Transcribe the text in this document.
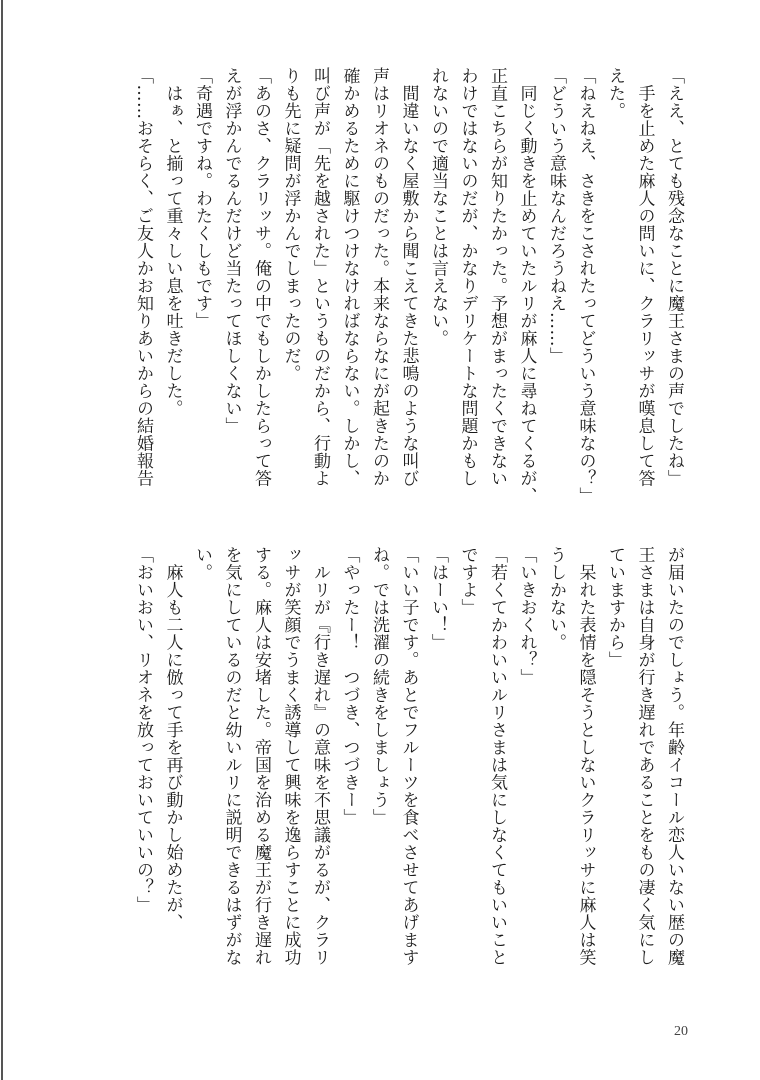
「ええ、とても残念なことに魔王さまの声でしたね」
　手を止めた麻人の問いに、クラリッサが嘆息して答
えた。
「ねえねえ、さきをこされたってどういう意味なの？」
「どういう意味なんだろうねえ……」
　同じく動きを止めていたルリが麻人に尋ねてくるが、
正直こちらが知りたかった。予想がまったくできない
わけではないのだが、かなりデリケートな問題かもし
れないので適当なことは言えない。
　間違いなく屋敷から聞こえてきた悲鳴のような叫び
声はリオネのものだった。本来ならなにが起きたのか
確かめるために駆けつけなければならない。しかし、
叫び声が「先を越された」というものだから、行動よ
りも先に疑問が浮かんでしまったのだ。
「あのさ、クラリッサ。俺の中でもしかしたらって答
えが浮かんでるんだけど当たってほしくない」
「奇遇ですね。わたくしもです」
　はぁ、と揃って重々しい息を吐きだした。
「……おそらく、ご友人かお知りあいからの結婚報告
が届いたのでしょう。年齢イコール恋人いない歴の魔
王さまは自身が行き遅れであることをもの凄く気にし
ていますから」
　呆れた表情を隠そうとしないクラリッサに麻人は笑
うしかない。
「いきおくれ？」
「若くてかわいいルリさまは気にしなくてもいいこと
ですよ」
「はーい！」
「いい子です。あとでフルーツを食べさせてあげます
ね。では洗濯の続きをしましょう」
「やったー！　つづき、つづきー」
　ルリが『行き遅れ』の意味を不思議がるが、クラリ
ッサが笑顔でうまく誘導して興味を逸らすことに成功
する。麻人は安堵した。帝国を治める魔王が行き遅れ
を気にしているのだと幼いルリに説明できるはずがな
い。
　麻人も二人に倣って手を再び動かし始めたが、
「おいおい、リオネを放っておいていいの？」
20
